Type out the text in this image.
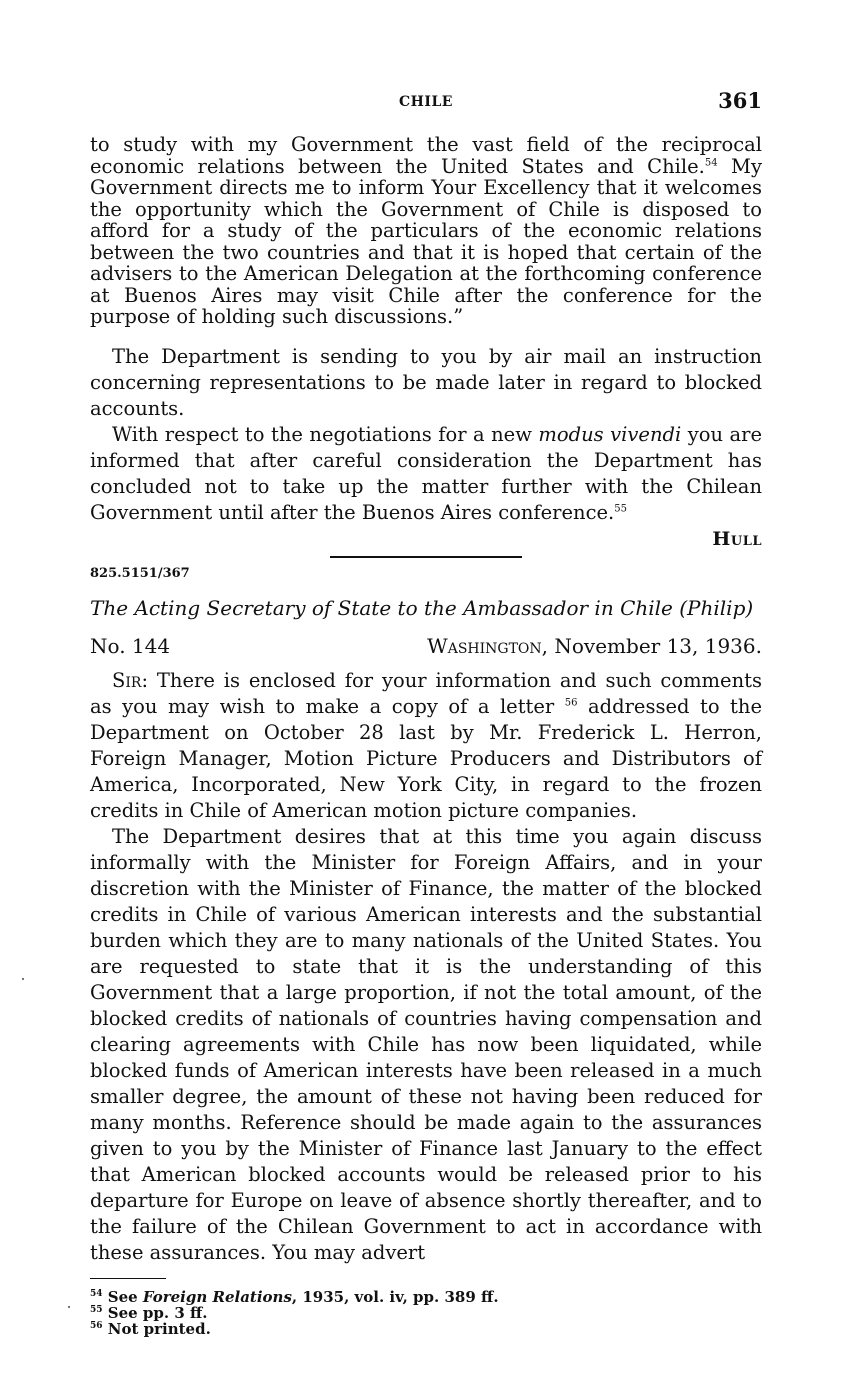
CHILE	361

to study with my Government the vast field of the reciprocal economic relations between the United States and Chile.$^{54}$ My Government directs me to inform Your Excellency that it welcomes the opportunity which the Government of Chile is disposed to afford for a study of the particulars of the economic relations between the two countries and that it is hoped that certain of the advisers to the American Delegation at the forthcoming conference at Buenos Aires may visit Chile after the conference for the purpose of holding such discussions.”

The Department is sending to you by air mail an instruction concerning representations to be made later in regard to blocked accounts.

With respect to the negotiations for a new modus vivendi you are informed that after careful consideration the Department has concluded not to take up the matter further with the Chilean Government until after the Buenos Aires conference.$^{55}$

Hull
825.5151/367
The Acting Secretary of State to the Ambassador in Chile (Philip)
No. 144	Washington, November 13, 1936.

Sir: There is enclosed for your information and such comments as you may wish to make a copy of a letter $^{56}$ addressed to the Department on October 28 last by Mr. Frederick L. Herron, Foreign Manager, Motion Picture Producers and Distributors of America, Incorporated, New York City, in regard to the frozen credits in Chile of American motion picture companies.

The Department desires that at this time you again discuss informally with the Minister for Foreign Affairs, and in your discretion with the Minister of Finance, the matter of the blocked credits in Chile of various American interests and the substantial burden which they are to many nationals of the United States. You are requested to state that it is the understanding of this Government that a large proportion, if not the total amount, of the blocked credits of nationals of countries having compensation and clearing agreements with Chile has now been liquidated, while blocked funds of American interests have been released in a much smaller degree, the amount of these not having been reduced for many months. Reference should be made again to the assurances given to you by the Minister of Finance last January to the effect that American blocked accounts would be released prior to his departure for Europe on leave of absence shortly thereafter, and to the failure of the Chilean Government to act in accordance with these assurances. You may advert

$^{54}$ See Foreign Relations, 1935, vol. iv, pp. 389 ff.
$^{55}$ See pp. 3 ff.
$^{56}$ Not printed.
